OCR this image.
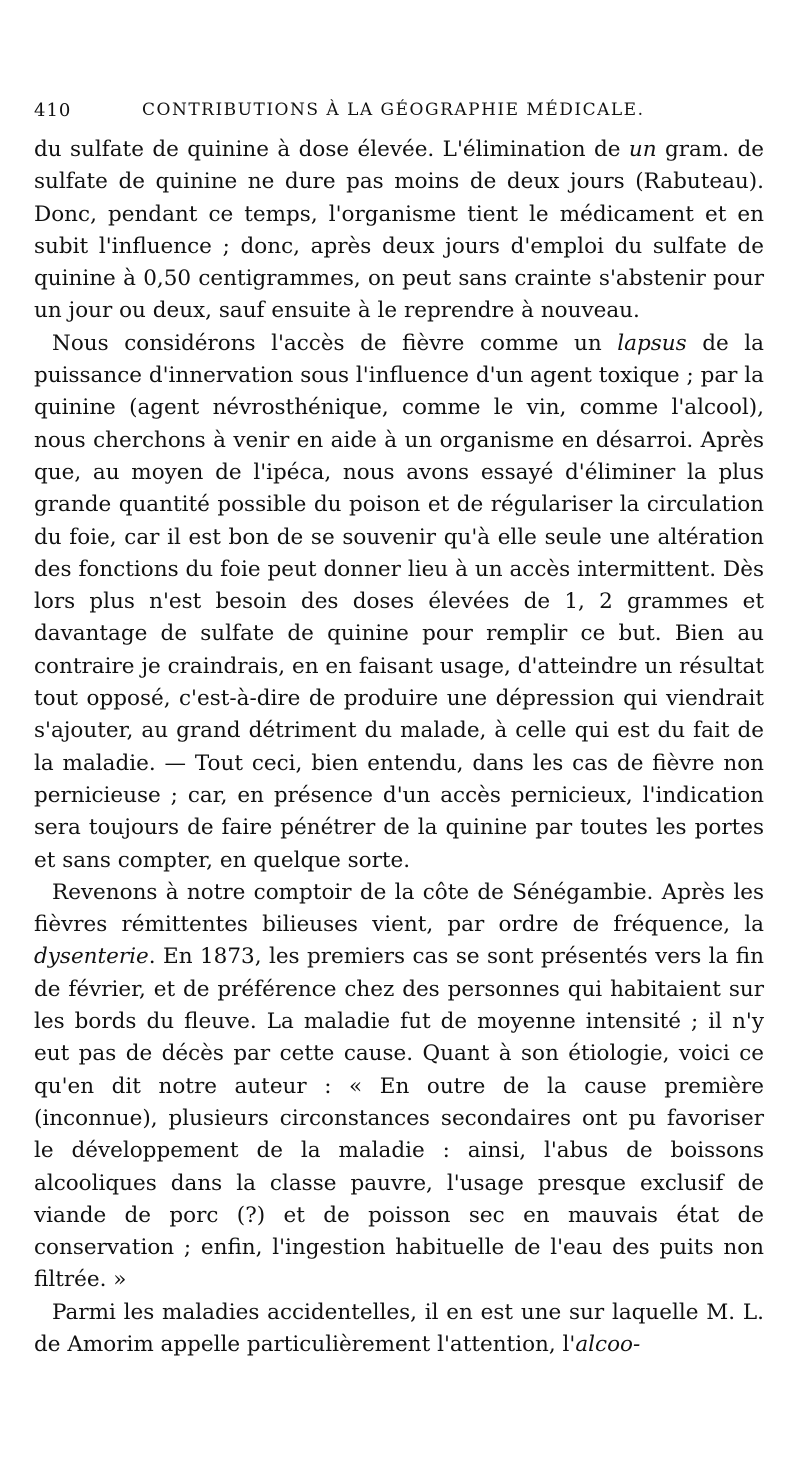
410	CONTRIBUTIONS À LA GÉOGRAPHIE MÉDICALE.

du sulfate de quinine à dose élevée. L'élimination de un gram. de sulfate de quinine ne dure pas moins de deux jours (Rabuteau). Donc, pendant ce temps, l'organisme tient le médicament et en subit l'influence ; donc, après deux jours d'emploi du sulfate de quinine à 0,50 centigrammes, on peut sans crainte s'abstenir pour un jour ou deux, sauf ensuite à le reprendre à nouveau.

Nous considérons l'accès de fièvre comme un lapsus de la puissance d'innervation sous l'influence d'un agent toxique ; par la quinine (agent névrosthénique, comme le vin, comme l'alcool), nous cherchons à venir en aide à un organisme en désarroi. Après que, au moyen de l'ipéca, nous avons essayé d'éliminer la plus grande quantité possible du poison et de régulariser la circulation du foie, car il est bon de se souvenir qu'à elle seule une altération des fonctions du foie peut donner lieu à un accès intermittent. Dès lors plus n'est besoin des doses élevées de 1, 2 grammes et davantage de sulfate de quinine pour remplir ce but. Bien au contraire je craindrais, en en faisant usage, d'atteindre un résultat tout opposé, c'est-à-dire de produire une dépression qui viendrait s'ajouter, au grand détriment du malade, à celle qui est du fait de la maladie. — Tout ceci, bien entendu, dans les cas de fièvre non pernicieuse ; car, en présence d'un accès pernicieux, l'indication sera toujours de faire pénétrer de la quinine par toutes les portes et sans compter, en quelque sorte.

Revenons à notre comptoir de la côte de Sénégambie. Après les fièvres rémittentes bilieuses vient, par ordre de fréquence, la dysenterie. En 1873, les premiers cas se sont présentés vers la fin de février, et de préférence chez des personnes qui habitaient sur les bords du fleuve. La maladie fut de moyenne intensité ; il n'y eut pas de décès par cette cause. Quant à son étiologie, voici ce qu'en dit notre auteur : « En outre de la cause première (inconnue), plusieurs circonstances secondaires ont pu favoriser le développement de la maladie : ainsi, l'abus de boissons alcooliques dans la classe pauvre, l'usage presque exclusif de viande de porc (?) et de poisson sec en mauvais état de conservation ; enfin, l'ingestion habituelle de l'eau des puits non filtrée. »

Parmi les maladies accidentelles, il en est une sur laquelle M. L. de Amorim appelle particulièrement l'attention, l'alcoo-
